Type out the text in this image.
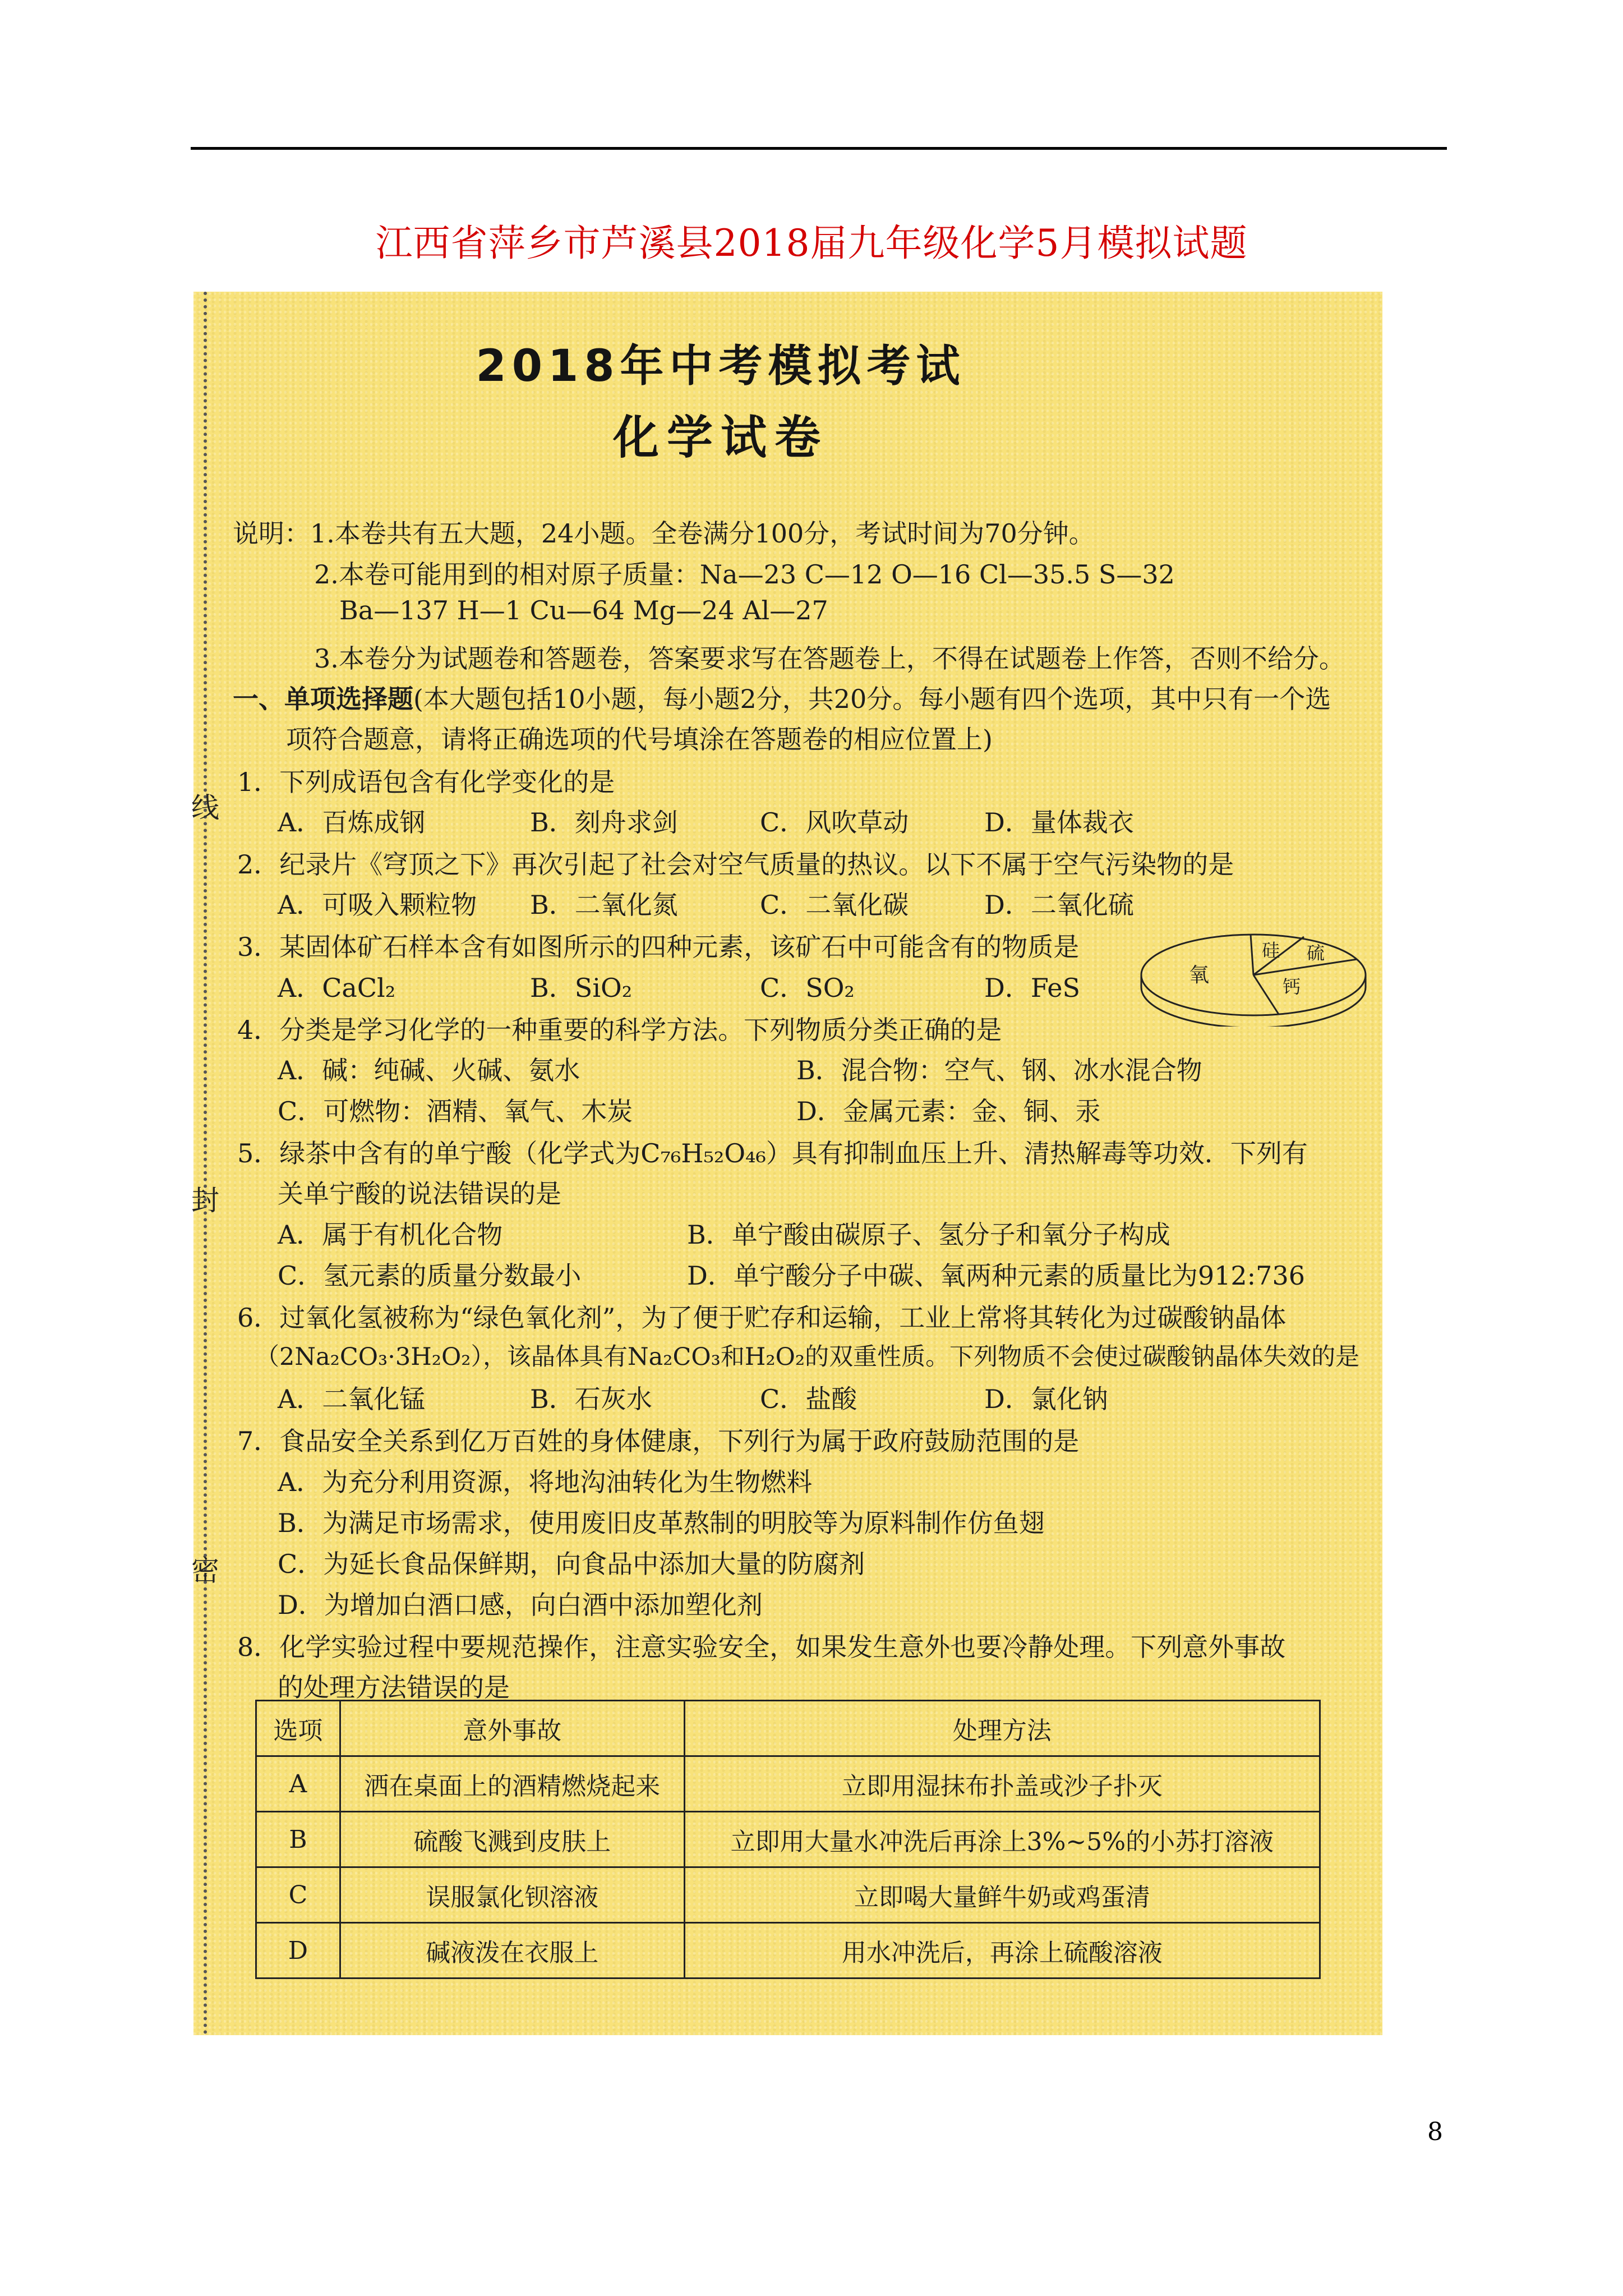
江西省萍乡市芦溪县2018届九年级化学5月模拟试题
线
封
密
2018年中考模拟考试
化学试卷
说明：1.本卷共有五大题，24小题。全卷满分100分，考试时间为70分钟。
2.本卷可能用到的相对原子质量：Na—23 C—12 O—16 Cl—35.5 S—32
Ba—137 H—1 Cu—64 Mg—24 Al—27
3.本卷分为试题卷和答题卷，答案要求写在答题卷上，不得在试题卷上作答，否则不给分。
一、单项选择题(本大题包括10小题，每小题2分，共20分。每小题有四个选项，其中只有一个选
项符合题意，请将正确选项的代号填涂在答题卷的相应位置上)
1．下列成语包含有化学变化的是
A．百炼成钢	B．刻舟求剑	C．风吹草动	D．量体裁衣
2．纪录片《穹顶之下》再次引起了社会对空气质量的热议。以下不属于空气污染物的是
A．可吸入颗粒物 B．二氧化氮	C．二氧化碳	D．二氧化硫
3．某固体矿石样本含有如图所示的四种元素，该矿石中可能含有的物质是
A．CaCl₂	B．SiO₂	C．SO₂	D．FeS	氧
硅 硫
钙
4．分类是学习化学的一种重要的科学方法。下列物质分类正确的是
A．碱：纯碱、火碱、氨水	B．混合物：空气、钢、冰水混合物
C．可燃物：酒精、氧气、木炭	D．金属元素：金、铜、汞
5．绿茶中含有的单宁酸（化学式为C₇₆H₅₂O₄₆）具有抑制血压上升、清热解毒等功效．下列有
关单宁酸的说法错误的是
A．属于有机化合物	B．单宁酸由碳原子、氢分子和氧分子构成
C．氢元素的质量分数最小	D．单宁酸分子中碳、氧两种元素的质量比为912:736
6．过氧化氢被称为“绿色氧化剂”，为了便于贮存和运输，工业上常将其转化为过碳酸钠晶体
（2Na₂CO₃·3H₂O₂），该晶体具有Na₂CO₃和H₂O₂的双重性质。下列物质不会使过碳酸钠晶体失效的是
A．二氧化锰	B．石灰水	C．盐酸	D．氯化钠
7．食品安全关系到亿万百姓的身体健康，下列行为属于政府鼓励范围的是
A．为充分利用资源，将地沟油转化为生物燃料
B．为满足市场需求，使用废旧皮革熬制的明胶等为原料制作仿鱼翅
C．为延长食品保鲜期，向食品中添加大量的防腐剂
D．为增加白酒口感，向白酒中添加塑化剂
8．化学实验过程中要规范操作，注意实验安全，如果发生意外也要冷静处理。下列意外事故
的处理方法错误的是
选项	意外事故	处理方法
A	洒在桌面上的酒精燃烧起来	立即用湿抹布扑盖或沙子扑灭
B	硫酸飞溅到皮肤上	立即用大量水冲洗后再涂上3%~5%的小苏打溶液
C	误服氯化钡溶液	立即喝大量鲜牛奶或鸡蛋清
D	碱液泼在衣服上	用水冲洗后，再涂上硫酸溶液
8
